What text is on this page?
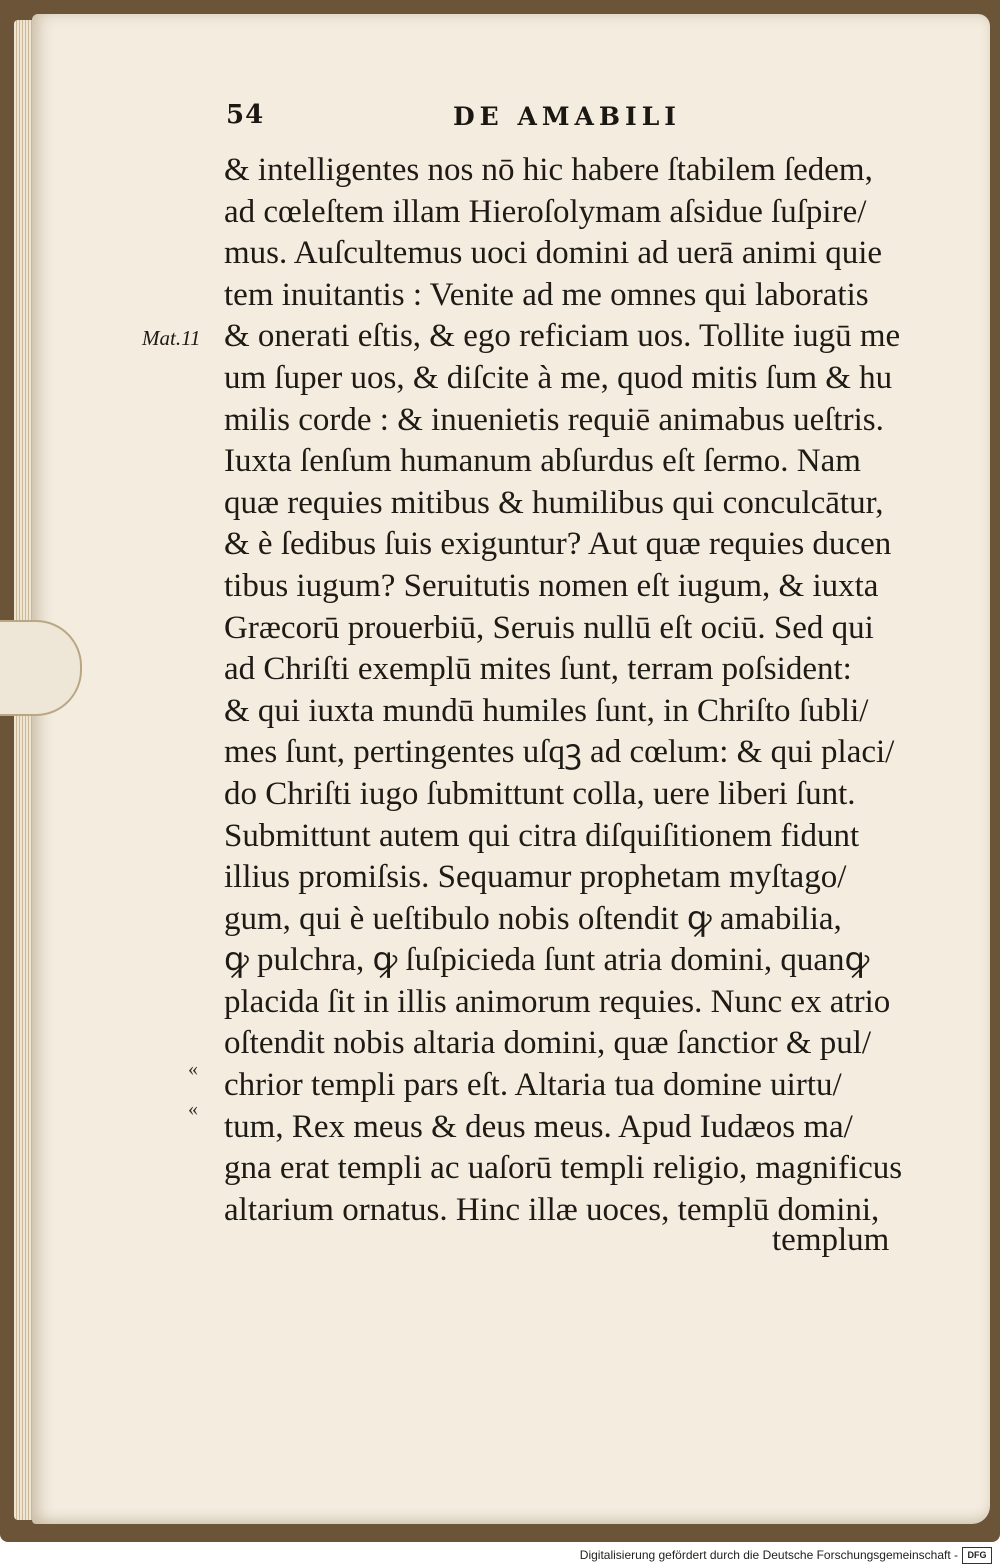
54	DE AMABILI
& intelligentes nos nō hic habere ſtabilem ſedem,
ad cœleſtem illam Hieroſolymam aſsidue ſuſpire/
mus. Auſcultemus uoci domini ad uerā animi quie
tem inuitantis : Venite ad me omnes qui laboratis
& onerati eſtis, & ego reficiam uos. Tollite iugū me
um ſuper uos, & diſcite à me, quod mitis ſum & hu
milis corde : & inuenietis requiē animabus ueſtris.
Iuxta ſenſum humanum abſurdus eſt ſermo. Nam
quæ requies mitibus & humilibus qui conculcātur,
& è ſedibus ſuis exiguntur? Aut quæ requies ducen
tibus iugum? Seruitutis nomen eſt iugum, & iuxta
Græcorū prouerbiū, Seruis nullū eſt ociū. Sed qui
ad Chriſti exemplū mites ſunt, terram poſsident:
& qui iuxta mundū humiles ſunt, in Chriſto ſubli/
mes ſunt, pertingentes uſqꝫ ad cœlum: & qui placi/
do Chriſti iugo ſubmittunt colla, uere liberi ſunt.
Submittunt autem qui citra diſquiſitionem fidunt
illius promiſsis. Sequamur prophetam myſtago/
gum, qui è ueſtibulo nobis oſtendit ꝙ amabilia,
ꝙ pulchra, ꝙ ſuſpicieda ſunt atria domini, quanꝙ
placida ſit in illis animorum requies. Nunc ex atrio
oſtendit nobis altaria domini, quæ ſanctior & pul/
chrior templi pars eſt. Altaria tua domine uirtu/
tum, Rex meus & deus meus. Apud Iudæos ma/
gna erat templi ac uaſorū templi religio, magnificus
altarium ornatus. Hinc illæ uoces, templū domini,
Mat.11
«
«
templum
Digitalisierung gefördert durch die Deutsche Forschungsgemeinschaft -	DFG
